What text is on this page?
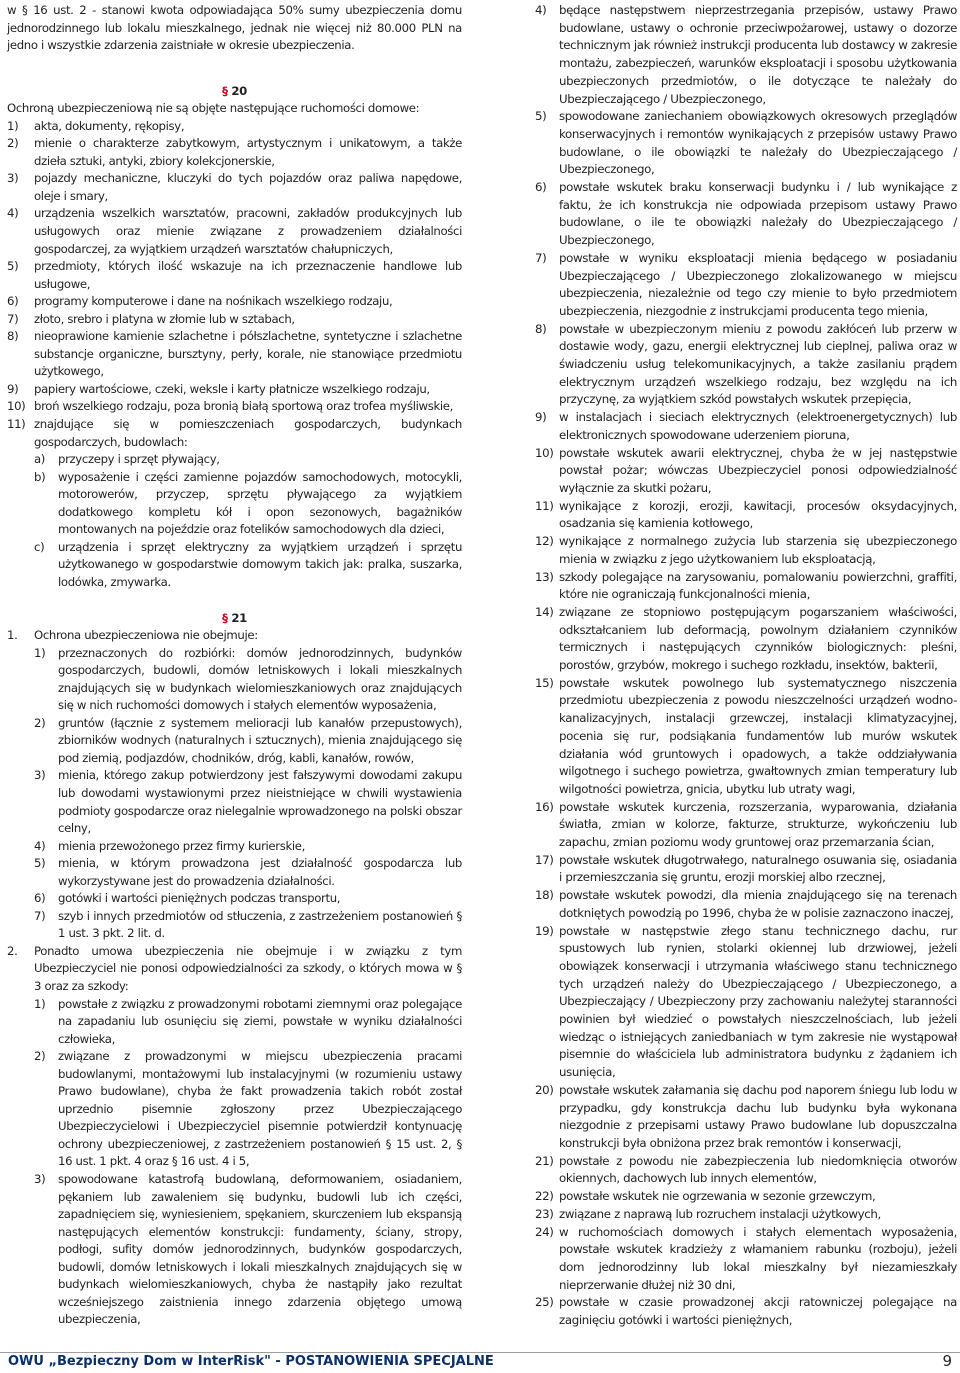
w § 16 ust. 2 - stanowi kwota odpowiadająca 50% sumy ubezpieczenia domu jednorodzinnego lub lokalu mieszkalnego, jednak nie więcej niż 80.000 PLN na jedno i wszystkie zdarzenia zaistniałe w okresie ubezpieczenia.

§ 20

Ochroną ubezpieczeniową nie są objęte następujące ruchomości domowe:

1) akta, dokumenty, rękopisy,
2) mienie o charakterze zabytkowym, artystycznym i unikatowym, a także dzieła sztuki, antyki, zbiory kolekcjonerskie,
3) pojazdy mechaniczne, kluczyki do tych pojazdów oraz paliwa napędowe, oleje i smary,
4) urządzenia wszelkich warsztatów, pracowni, zakładów produkcyjnych lub usługowych oraz mienie związane z prowadzeniem działalności gospodarczej, za wyjątkiem urządzeń warsztatów chałupniczych,
5) przedmioty, których ilość wskazuje na ich przeznaczenie handlowe lub usługowe,
6) programy komputerowe i dane na nośnikach wszelkiego rodzaju,
7) złoto, srebro i platyna w złomie lub w sztabach,
8) nieoprawione kamienie szlachetne i półszlachetne, syntetyczne i szlachetne substancje organiczne, bursztyny, perły, korale, nie stanowiące przedmiotu użytkowego,
9) papiery wartościowe, czeki, weksle i karty płatnicze wszelkiego rodzaju,
10) broń wszelkiego rodzaju, poza bronią białą sportową oraz trofea myśliwskie,
11) znajdujące się w pomieszczeniach gospodarczych, budynkach gospodarczych, budowlach:
a) przyczepy i sprzęt pływający,
b) wyposażenie i części zamienne pojazdów samochodowych, motocykli, motorowerów, przyczep, sprzętu pływającego za wyjątkiem dodatkowego kompletu kół i opon sezonowych, bagażników montowanych na pojeździe oraz fotelików samochodowych dla dzieci,
c) urządzenia i sprzęt elektryczny za wyjątkiem urządzeń i sprzętu użytkowanego w gospodarstwie domowym takich jak: pralka, suszarka, lodówka, zmywarka.

§ 21

1. Ochrona ubezpieczeniowa nie obejmuje:
1) przeznaczonych do rozbiórki: domów jednorodzinnych, budynków gospodarczych, budowli, domów letniskowych i lokali mieszkalnych znajdujących się w budynkach wielomieszkaniowych oraz znajdujących się w nich ruchomości domowych i stałych elementów wyposażenia,
2) gruntów (łącznie z systemem melioracji lub kanałów przepustowych), zbiorników wodnych (naturalnych i sztucznych), mienia znajdującego się pod ziemią, podjazdów, chodników, dróg, kabli, kanałów, rowów,
3) mienia, którego zakup potwierdzony jest fałszywymi dowodami zakupu lub dowodami wystawionymi przez nieistniejące w chwili wystawienia podmioty gospodarcze oraz nielegalnie wprowadzonego na polski obszar celny,
4) mienia przewożonego przez firmy kurierskie,
5) mienia, w którym prowadzona jest działalność gospodarcza lub wykorzystywane jest do prowadzenia działalności.
6) gotówki i wartości pieniężnych podczas transportu,
7) szyb i innych przedmiotów od stłuczenia, z zastrzeżeniem postanowień § 1 ust. 3 pkt. 2 lit. d.
2. Ponadto umowa ubezpieczenia nie obejmuje i w związku z tym Ubezpieczyciel nie ponosi odpowiedzialności za szkody, o których mowa w § 3 oraz za szkody:
1) powstałe z związku z prowadzonymi robotami ziemnymi oraz polegające na zapadaniu lub osunięciu się ziemi, powstałe w wyniku działalności człowieka,
2) związane z prowadzonymi w miejscu ubezpieczenia pracami budowlanymi, montażowymi lub instalacyjnymi (w rozumieniu ustawy Prawo budowlane), chyba że fakt prowadzenia takich robót został uprzednio pisemnie zgłoszony przez Ubezpieczającego Ubezpieczycielowi i Ubezpieczyciel pisemnie potwierdził kontynuację ochrony ubezpieczeniowej, z zastrzeżeniem postanowień § 15 ust. 2, § 16 ust. 1 pkt. 4 oraz § 16 ust. 4 i 5,
3) spowodowane katastrofą budowlaną, deformowaniem, osiadaniem, pękaniem lub zawaleniem się budynku, budowli lub ich części, zapadnięciem się, wyniesieniem, spękaniem, skurczeniem lub ekspansją następujących elementów konstrukcji: fundamenty, ściany, stropy, podłogi, sufity domów jednorodzinnych, budynków gospodarczych, budowli, domów letniskowych i lokali mieszkalnych znajdujących się w budynkach wielomieszkaniowych, chyba że nastąpiły jako rezultat wcześniejszego zaistnienia innego zdarzenia objętego umową ubezpieczenia,
4) będące następstwem nieprzestrzegania przepisów, ustawy Prawo budowlane, ustawy o ochronie przeciwpożarowej, ustawy o dozorze technicznym jak również instrukcji producenta lub dostawcy w zakresie montażu, zabezpieczeń, warunków eksploatacji i sposobu użytkowania ubezpieczonych przedmiotów, o ile dotyczące te należały do Ubezpieczającego / Ubezpieczonego,
5) spowodowane zaniechaniem obowiązkowych okresowych przeglądów konserwacyjnych i remontów wynikających z przepisów ustawy Prawo budowlane, o ile obowiązki te należały do Ubezpieczającego / Ubezpieczonego,
6) powstałe wskutek braku konserwacji budynku i / lub wynikające z faktu, że ich konstrukcja nie odpowiada przepisom ustawy Prawo budowlane, o ile te obowiązki należały do Ubezpieczającego / Ubezpieczonego,
7) powstałe w wyniku eksploatacji mienia będącego w posiadaniu Ubezpieczającego / Ubezpieczonego zlokalizowanego w miejscu ubezpieczenia, niezależnie od tego czy mienie to było przedmiotem ubezpieczenia, niezgodnie z instrukcjami producenta tego mienia,
8) powstałe w ubezpieczonym mieniu z powodu zakłóceń lub przerw w dostawie wody, gazu, energii elektrycznej lub cieplnej, paliwa oraz w świadczeniu usług telekomunikacyjnych, a także zasilaniu prądem elektrycznym urządzeń wszelkiego rodzaju, bez względu na ich przyczynę, za wyjątkiem szkód powstałych wskutek przepięcia,
9) w instalacjach i sieciach elektrycznych (elektroenergetycznych) lub elektronicznych spowodowane uderzeniem pioruna,
10) powstałe wskutek awarii elektrycznej, chyba że w jej następstwie powstał pożar; wówczas Ubezpieczyciel ponosi odpowiedzialność wyłącznie za skutki pożaru,
11) wynikające z korozji, erozji, kawitacji, procesów oksydacyjnych, osadzania się kamienia kotłowego,
12) wynikające z normalnego zużycia lub starzenia się ubezpieczonego mienia w związku z jego użytkowaniem lub eksploatacją,
13) szkody polegające na zarysowaniu, pomalowaniu powierzchni, graffiti, które nie ograniczają funkcjonalności mienia,
14) związane ze stopniowo postępującym pogarszaniem właściwości, odkształcaniem lub deformacją, powolnym działaniem czynników termicznych i następujących czynników biologicznych: pleśni, porostów, grzybów, mokrego i suchego rozkładu, insektów, bakterii,
15) powstałe wskutek powolnego lub systematycznego niszczenia przedmiotu ubezpieczenia z powodu nieszczelności urządzeń wodno-kanalizacyjnych, instalacji grzewczej, instalacji klimatyzacyjnej, pocenia się rur, podsiąkania fundamentów lub murów wskutek działania wód gruntowych i opadowych, a także oddziaływania wilgotnego i suchego powietrza, gwałtownych zmian temperatury lub wilgotności powietrza, gnicia, ubytku lub utraty wagi,
16) powstałe wskutek kurczenia, rozszerzania, wyparowania, działania światła, zmian w kolorze, fakturze, strukturze, wykończeniu lub zapachu, zmian poziomu wody gruntowej oraz przemarzania ścian,
17) powstałe wskutek długotrwałego, naturalnego osuwania się, osiadania i przemieszczania się gruntu, erozji morskiej albo rzecznej,
18) powstałe wskutek powodzi, dla mienia znajdującego się na terenach dotkniętych powodzią po 1996, chyba że w polisie zaznaczono inaczej,
19) powstałe w następstwie złego stanu technicznego dachu, rur spustowych lub rynien, stolarki okiennej lub drzwiowej, jeżeli obowiązek konserwacji i utrzymania właściwego stanu technicznego tych urządzeń należy do Ubezpieczającego / Ubezpieczonego, a Ubezpieczający / Ubezpieczony przy zachowaniu należytej staranności powinien był wiedzieć o powstałych nieszczelnościach, lub jeżeli wiedząc o istniejących zaniedbaniach w tym zakresie nie wystąpował pisemnie do właściciela lub administratora budynku z żądaniem ich usunięcia,
20) powstałe wskutek załamania się dachu pod naporem śniegu lub lodu w przypadku, gdy konstrukcja dachu lub budynku była wykonana niezgodnie z przepisami ustawy Prawo budowlane lub dopuszczalna konstrukcji była obniżona przez brak remontów i konserwacji,
21) powstałe z powodu nie zabezpieczenia lub niedomknięcia otworów okiennych, dachowych lub innych elementów,
22) powstałe wskutek nie ogrzewania w sezonie grzewczym,
23) związane z naprawą lub rozruchem instalacji użytkowych,
24) w ruchomościach domowych i stałych elementach wyposażenia, powstałe wskutek kradzieży z włamaniem rabunku (rozboju), jeżeli dom jednorodzinny lub lokal mieszkalny był niezamieszkały nieprzerwanie dłużej niż 30 dni,
25) powstałe w czasie prowadzonej akcji ratowniczej polegające na zaginięciu gotówki i wartości pieniężnych,
OWU „Bezpieczny Dom w InterRisk" - POSTANOWIENIA SPECJALNE	9
